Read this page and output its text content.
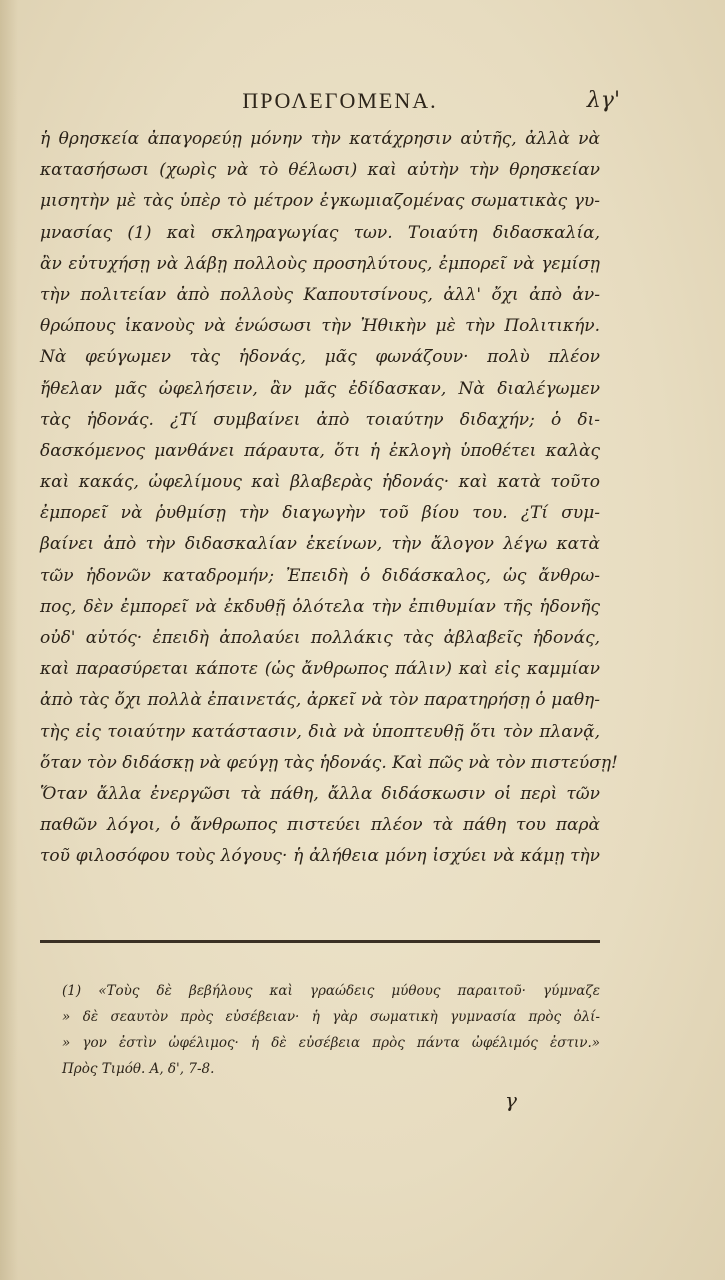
ΠΡΟΛΕΓΟΜΕΝΑ.	λγ'
ἡ θρησκεία ἀπαγορεύῃ μόνην τὴν κατάχρησιν αὐτῆς, ἀλλὰ νὰ
κατασήσωσι (χωρὶς νὰ τὸ θέλωσι) καὶ αὐτὴν τὴν θρησκείαν
μισητὴν μὲ τὰς ὑπὲρ τὸ μέτρον ἐγκωμιαζομένας σωματικὰς γυ-
μνασίας (1) καὶ σκληραγωγίας των. Τοιαύτη διδασκαλία,
ἂν εὐτυχήσῃ νὰ λάβῃ πολλοὺς προσηλύτους, ἐμπορεῖ νὰ γεμίσῃ
τὴν πολιτείαν ἀπὸ πολλοὺς Καπουτσίνους, ἀλλ' ὄχι ἀπὸ ἀν-
θρώπους ἱκανοὺς νὰ ἑνώσωσι τὴν Ἠθικὴν μὲ τὴν Πολιτικήν.
Νὰ φεύγωμεν τὰς ἡδονάς, μᾶς φωνάζουν· πολὺ πλέον
ἤθελαν μᾶς ὠφελήσειν, ἂν μᾶς ἐδίδασκαν, Νὰ διαλέγωμεν
τὰς ἡδονάς. ¿Τί συμβαίνει ἀπὸ τοιαύτην διδαχήν; ὁ δι-
δασκόμενος μανθάνει πάραυτα, ὅτι ἡ ἐκλογὴ ὑποθέτει καλὰς
καὶ κακάς, ὠφελίμους καὶ βλαβερὰς ἡδονάς· καὶ κατὰ τοῦτο
ἐμπορεῖ νὰ ῥυθμίσῃ τὴν διαγωγὴν τοῦ βίου του. ¿Τί συμ-
βαίνει ἀπὸ τὴν διδασκαλίαν ἐκείνων, τὴν ἄλογον λέγω κατὰ
τῶν ἡδονῶν καταδρομήν; Ἐπειδὴ ὁ διδάσκαλος, ὡς ἄνθρω-
πος, δὲν ἐμπορεῖ νὰ ἐκδυθῇ ὁλότελα τὴν ἐπιθυμίαν τῆς ἡδονῆς
οὐδ' αὐτός· ἐπειδὴ ἀπολαύει πολλάκις τὰς ἀβλαβεῖς ἡδονάς,
καὶ παρασύρεται κάποτε (ὡς ἄνθρωπος πάλιν) καὶ εἰς καμμίαν
ἀπὸ τὰς ὄχι πολλὰ ἐπαινετάς, ἀρκεῖ νὰ τὸν παρατηρήσῃ ὁ μαθη-
τὴς εἰς τοιαύτην κατάστασιν, διὰ νὰ ὑποπτευθῇ ὅτι τὸν πλανᾷ,
ὅταν τὸν διδάσκῃ νὰ φεύγῃ τὰς ἡδονάς. Καὶ πῶς νὰ τὸν πιστεύσῃ!
Ὅταν ἄλλα ἐνεργῶσι τὰ πάθη, ἄλλα διδάσκωσιν οἱ περὶ τῶν
παθῶν λόγοι, ὁ ἄνθρωπος πιστεύει πλέον τὰ πάθη του παρὰ
τοῦ φιλοσόφου τοὺς λόγους· ἡ ἀλήθεια μόνη ἰσχύει νὰ κάμῃ τὴν
(1) «Τοὺς δὲ βεβήλους καὶ γραώδεις μύθους παραιτοῦ· γύμναζε
» δὲ σεαυτὸν πρὸς εὐσέβειαν· ἡ γὰρ σωματικὴ γυμνασία πρὸς ὀλί-
» γον ἐστὶν ὠφέλιμος· ἡ δὲ εὐσέβεια πρὸς πάντα ὠφέλιμός ἐστιν.»
Πρὸς Τιμόθ. Α, δ', 7-8.
γ
